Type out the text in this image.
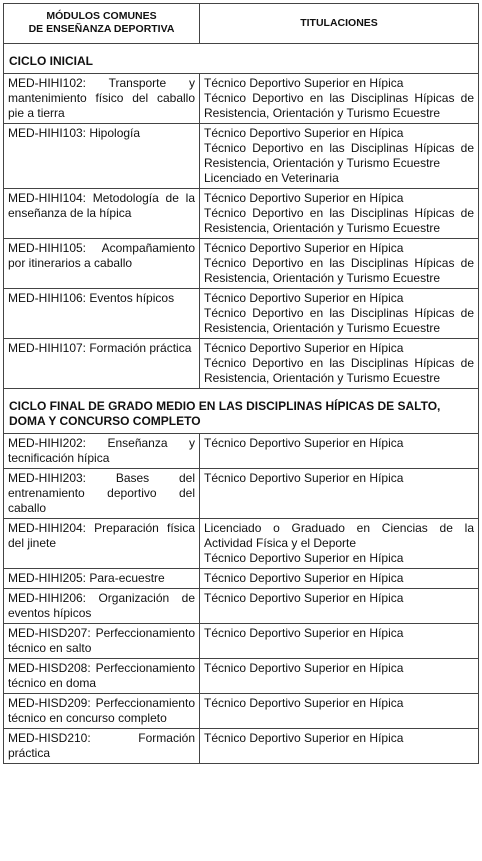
MÓDULOS COMUNES
DE ENSEÑANZA DEPORTIVA	TITULACIONES
CICLO INICIAL	
MED-HIHI102: Transporte y mantenimiento físico del caballo pie a tierra	Técnico Deportivo Superior en Hípica
Técnico Deportivo en las Disciplinas Hípicas de Resistencia, Orientación y Turismo Ecuestre

MED-HIHI103: Hipología	Técnico Deportivo Superior en Hípica
Técnico Deportivo en las Disciplinas Hípicas de Resistencia, Orientación y Turismo Ecuestre
Licenciado en Veterinaria

MED-HIHI104: Metodología de la enseñanza de la hípica	Técnico Deportivo Superior en Hípica
Técnico Deportivo en las Disciplinas Hípicas de Resistencia, Orientación y Turismo Ecuestre

MED-HIHI105: Acompañamiento por itinerarios a caballo	Técnico Deportivo Superior en Hípica
Técnico Deportivo en las Disciplinas Hípicas de Resistencia, Orientación y Turismo Ecuestre

MED-HIHI106: Eventos hípicos	Técnico Deportivo Superior en Hípica
Técnico Deportivo en las Disciplinas Hípicas de Resistencia, Orientación y Turismo Ecuestre

MED-HIHI107: Formación práctica	Técnico Deportivo Superior en Hípica
Técnico Deportivo en las Disciplinas Hípicas de Resistencia, Orientación y Turismo Ecuestre

CICLO FINAL DE GRADO MEDIO EN LAS DISCIPLINAS HÍPICAS DE SALTO, DOMA Y CONCURSO COMPLETO	
MED-HIHI202: Enseñanza y tecnificación hípica	Técnico Deportivo Superior en Hípica

MED-HIHI203: Bases del entrenamiento deportivo del caballo	Técnico Deportivo Superior en Hípica

MED-HIHI204: Preparación física del jinete	Licenciado o Graduado en Ciencias de la Actividad Física y el Deporte
Técnico Deportivo Superior en Hípica

MED-HIHI205: Para-ecuestre	Técnico Deportivo Superior en Hípica

MED-HIHI206: Organización de eventos hípicos	Técnico Deportivo Superior en Hípica

MED-HISD207: Perfeccionamiento técnico en salto	Técnico Deportivo Superior en Hípica

MED-HISD208: Perfeccionamiento técnico en doma	Técnico Deportivo Superior en Hípica

MED-HISD209: Perfeccionamiento técnico en concurso completo	Técnico Deportivo Superior en Hípica

MED-HISD210: Formación práctica	Técnico Deportivo Superior en Hípica
